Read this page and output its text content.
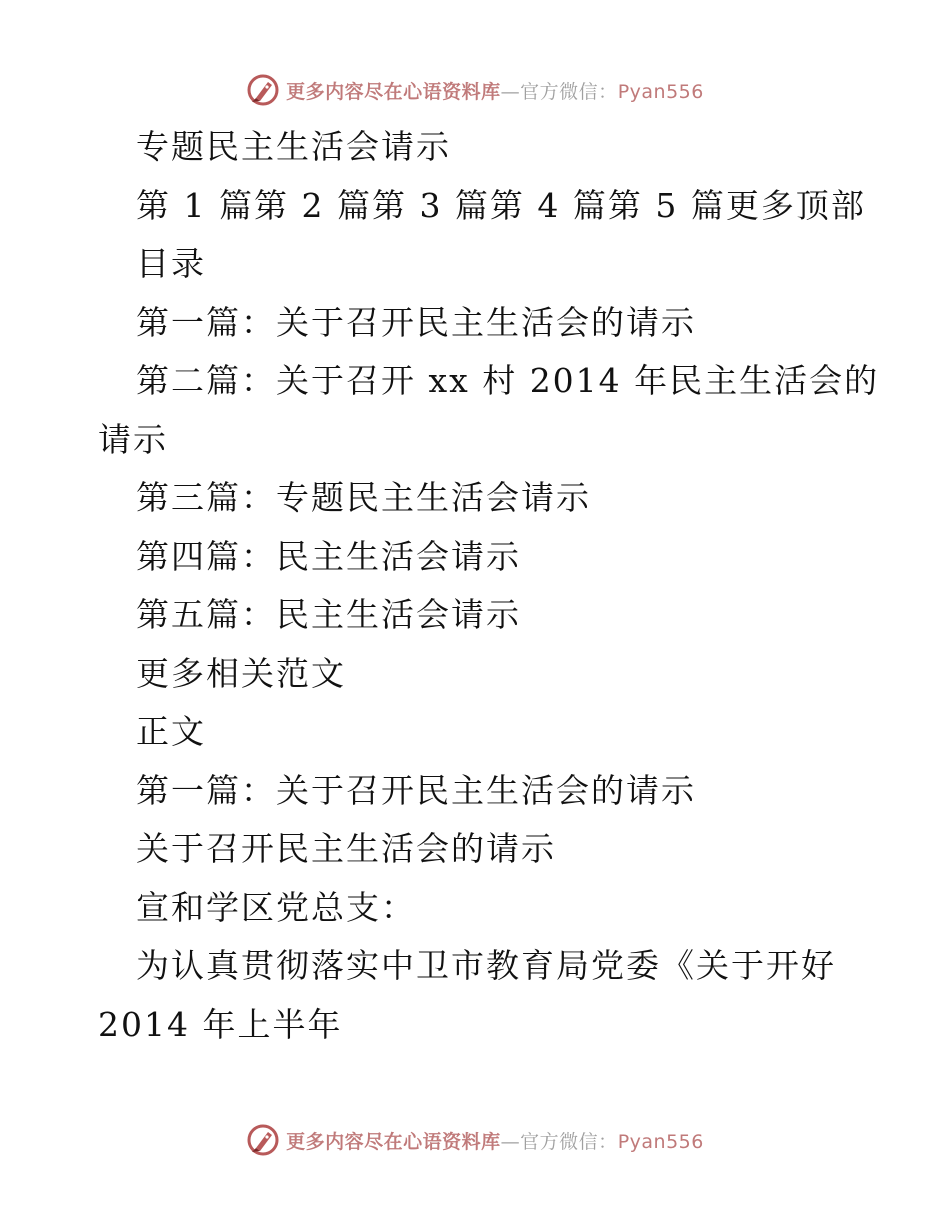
更多内容尽在心语资料库—官方微信：Pyan556
专题民主生活会请示
第 1 篇第 2 篇第 3 篇第 4 篇第 5 篇更多顶部
目录
第一篇：关于召开民主生活会的请示
第二篇：关于召开 xx 村 2014 年民主生活会的
请示
第三篇：专题民主生活会请示
第四篇：民主生活会请示
第五篇：民主生活会请示
更多相关范文
正文
第一篇：关于召开民主生活会的请示
关于召开民主生活会的请示
宣和学区党总支：
为认真贯彻落实中卫市教育局党委《关于开好
2014 年上半年
更多内容尽在心语资料库—官方微信：Pyan556
